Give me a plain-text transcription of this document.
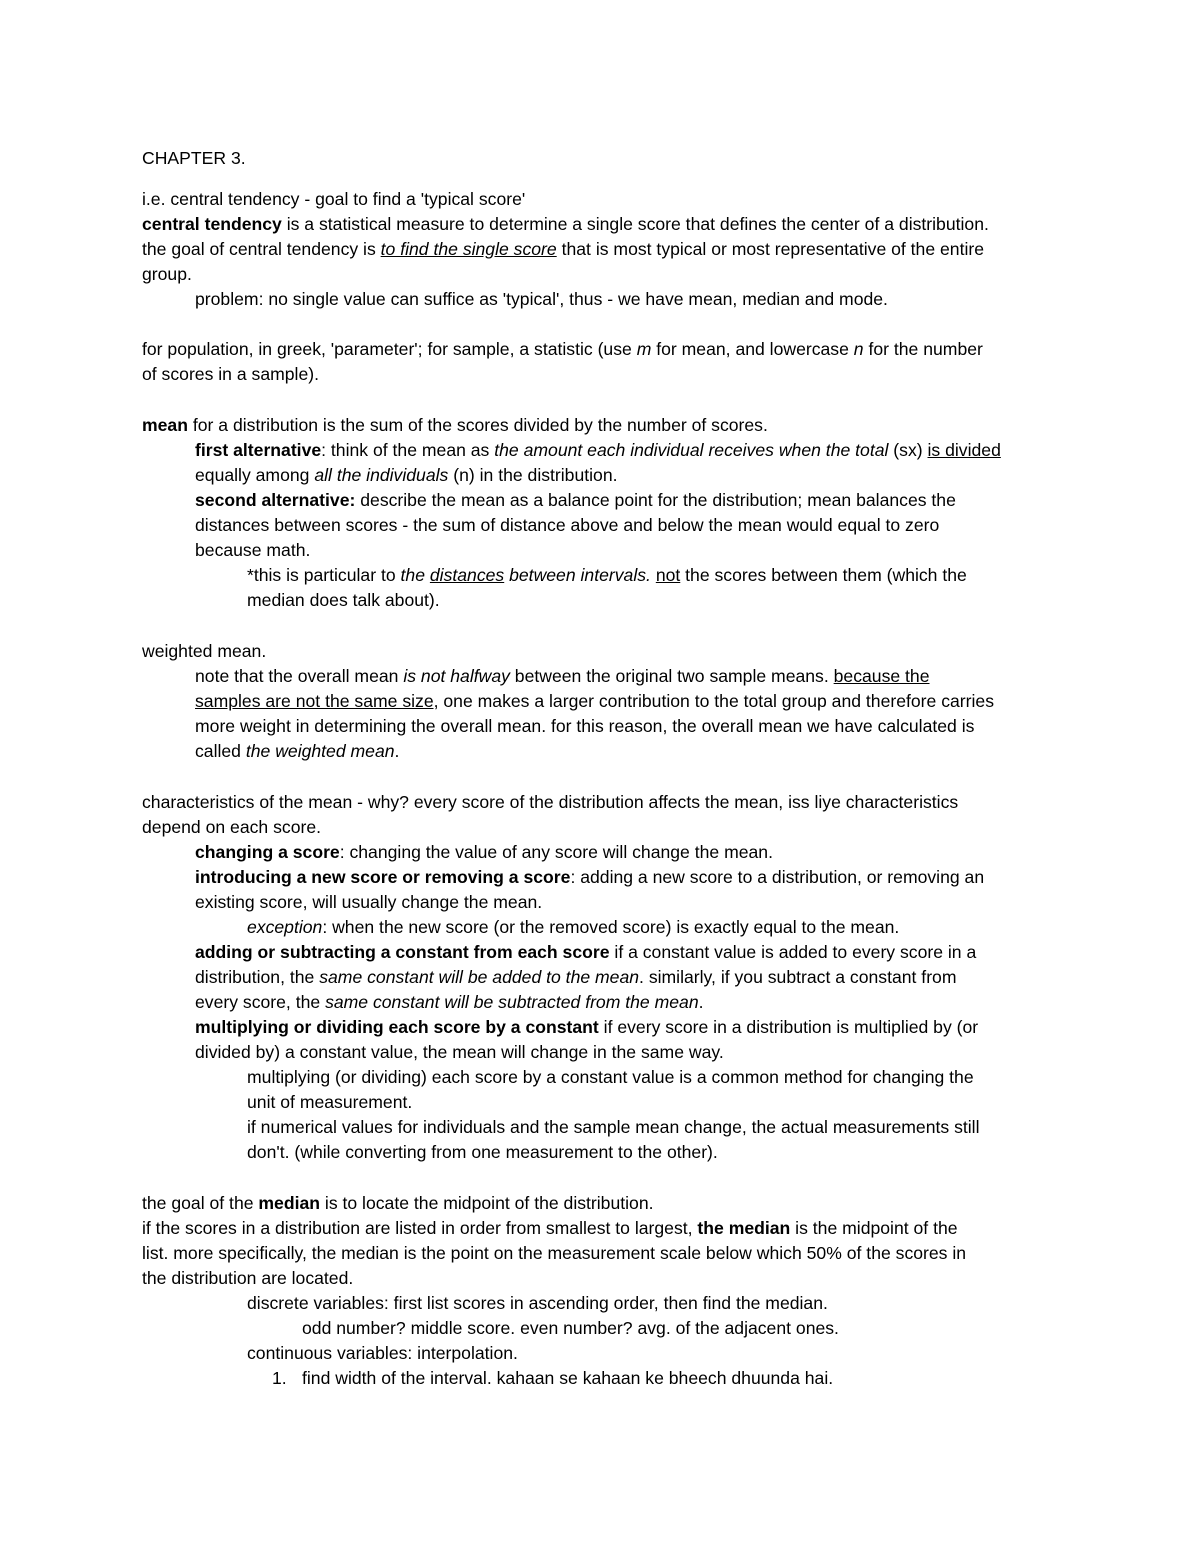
CHAPTER 3.
i.e. central tendency - goal to find a 'typical score'
central tendency is a statistical measure to determine a single score that defines the center of a distribution.
the goal of central tendency is to find the single score that is most typical or most representative of the entire
group.
problem: no single value can suffice as 'typical', thus - we have mean, median and mode.
for population, in greek, 'parameter'; for sample, a statistic (use m for mean, and lowercase n for the number
of scores in a sample).
mean for a distribution is the sum of the scores divided by the number of scores.
first alternative: think of the mean as the amount each individual receives when the total (sx) is divided
equally among all the individuals (n) in the distribution.
second alternative: describe the mean as a balance point for the distribution; mean balances the
distances between scores - the sum of distance above and below the mean would equal to zero
because math.
*this is particular to the distances between intervals. not the scores between them (which the
median does talk about).
weighted mean.
note that the overall mean is not halfway between the original two sample means. because the
samples are not the same size, one makes a larger contribution to the total group and therefore carries
more weight in determining the overall mean. for this reason, the overall mean we have calculated is
called the weighted mean.
characteristics of the mean - why? every score of the distribution affects the mean, iss liye characteristics
depend on each score.
changing a score: changing the value of any score will change the mean.
introducing a new score or removing a score: adding a new score to a distribution, or removing an
existing score, will usually change the mean.
exception: when the new score (or the removed score) is exactly equal to the mean.
adding or subtracting a constant from each score if a constant value is added to every score in a
distribution, the same constant will be added to the mean. similarly, if you subtract a constant from
every score, the same constant will be subtracted from the mean.
multiplying or dividing each score by a constant if every score in a distribution is multiplied by (or
divided by) a constant value, the mean will change in the same way.
multiplying (or dividing) each score by a constant value is a common method for changing the
unit of measurement.
if numerical values for individuals and the sample mean change, the actual measurements still
don't. (while converting from one measurement to the other).
the goal of the median is to locate the midpoint of the distribution.
if the scores in a distribution are listed in order from smallest to largest, the median is the midpoint of the
list. more specifically, the median is the point on the measurement scale below which 50% of the scores in
the distribution are located.
discrete variables: first list scores in ascending order, then find the median.
odd number? middle score. even number? avg. of the adjacent ones.
continuous variables: interpolation.
1. find width of the interval. kahaan se kahaan ke bheech dhuunda hai.
